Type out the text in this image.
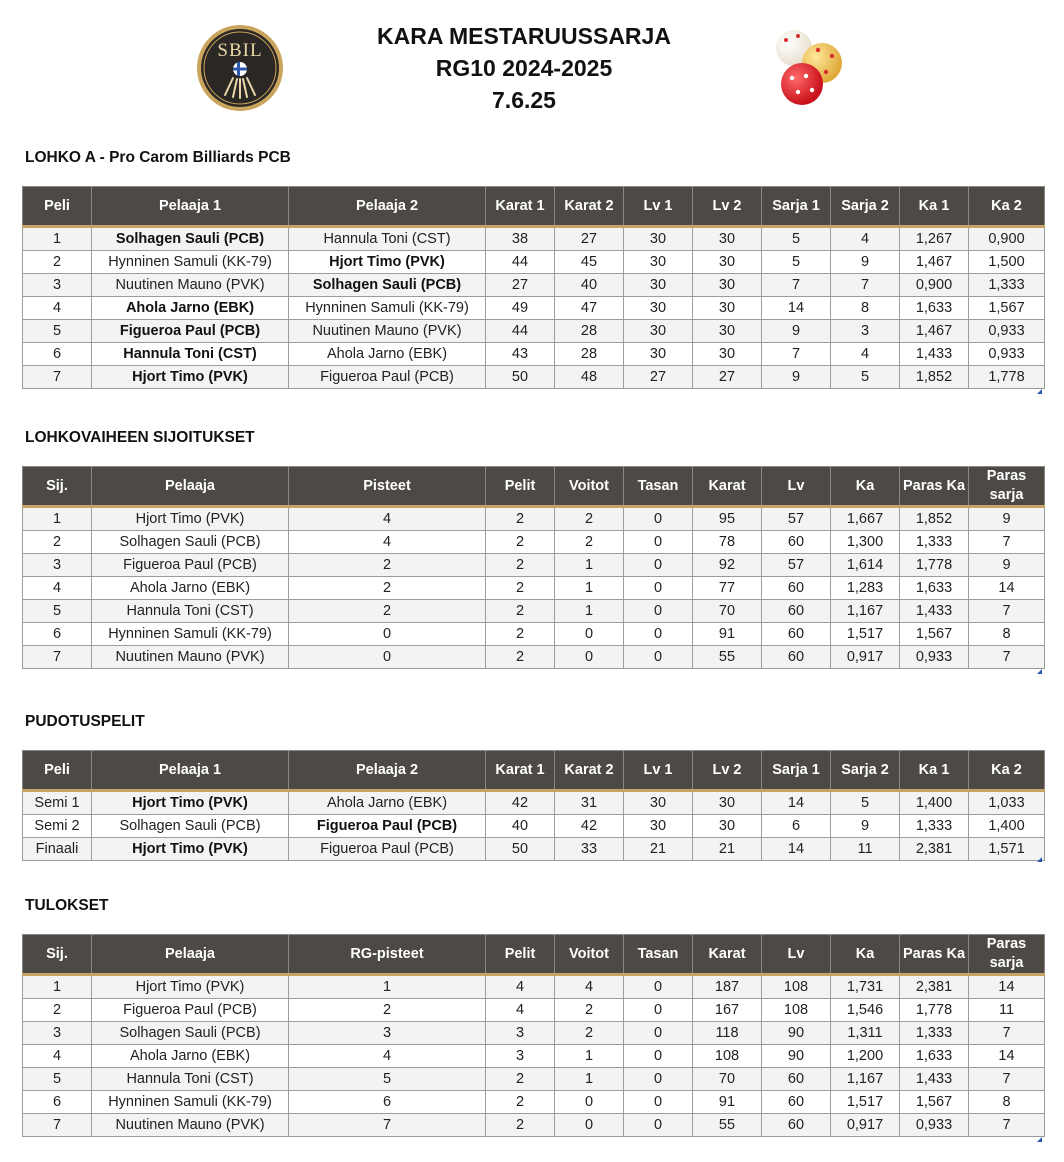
SBIL
KARA MESTARUUSSARJA
RG10 2024-2025
7.6.25
LOHKO A - Pro Carom Billiards PCB
Peli	Pelaaja 1	Pelaaja 2	Karat 1	Karat 2	Lv 1	Lv 2	Sarja 1	Sarja 2	Ka 1	Ka 2
1	Solhagen Sauli (PCB)	Hannula Toni (CST)	38	27	30	30	5	4	1,267	0,900
2	Hynninen Samuli (KK-79)	Hjort Timo (PVK)	44	45	30	30	5	9	1,467	1,500
3	Nuutinen Mauno (PVK)	Solhagen Sauli (PCB)	27	40	30	30	7	7	0,900	1,333
4	Ahola Jarno (EBK)	Hynninen Samuli (KK-79)	49	47	30	30	14	8	1,633	1,567
5	Figueroa Paul (PCB)	Nuutinen Mauno (PVK)	44	28	30	30	9	3	1,467	0,933
6	Hannula Toni (CST)	Ahola Jarno (EBK)	43	28	30	30	7	4	1,433	0,933
7	Hjort Timo (PVK)	Figueroa Paul (PCB)	50	48	27	27	9	5	1,852	1,778
LOHKOVAIHEEN SIJOITUKSET
Sij.	Pelaaja	Pisteet	Pelit	Voitot	Tasan	Karat	Lv	Ka	Paras Ka	Paras sarja
1	Hjort Timo (PVK)	4	2	2	0	95	57	1,667	1,852	9
2	Solhagen Sauli (PCB)	4	2	2	0	78	60	1,300	1,333	7
3	Figueroa Paul (PCB)	2	2	1	0	92	57	1,614	1,778	9
4	Ahola Jarno (EBK)	2	2	1	0	77	60	1,283	1,633	14
5	Hannula Toni (CST)	2	2	1	0	70	60	1,167	1,433	7
6	Hynninen Samuli (KK-79)	0	2	0	0	91	60	1,517	1,567	8
7	Nuutinen Mauno (PVK)	0	2	0	0	55	60	0,917	0,933	7
PUDOTUSPELIT
Peli	Pelaaja 1	Pelaaja 2	Karat 1	Karat 2	Lv 1	Lv 2	Sarja 1	Sarja 2	Ka 1	Ka 2
Semi 1	Hjort Timo (PVK)	Ahola Jarno (EBK)	42	31	30	30	14	5	1,400	1,033
Semi 2	Solhagen Sauli (PCB)	Figueroa Paul (PCB)	40	42	30	30	6	9	1,333	1,400
Finaali	Hjort Timo (PVK)	Figueroa Paul (PCB)	50	33	21	21	14	11	2,381	1,571
TULOKSET
Sij.	Pelaaja	RG-pisteet	Pelit	Voitot	Tasan	Karat	Lv	Ka	Paras Ka	Paras sarja
1	Hjort Timo (PVK)	1	4	4	0	187	108	1,731	2,381	14
2	Figueroa Paul (PCB)	2	4	2	0	167	108	1,546	1,778	11
3	Solhagen Sauli (PCB)	3	3	2	0	118	90	1,311	1,333	7
4	Ahola Jarno (EBK)	4	3	1	0	108	90	1,200	1,633	14
5	Hannula Toni (CST)	5	2	1	0	70	60	1,167	1,433	7
6	Hynninen Samuli (KK-79)	6	2	0	0	91	60	1,517	1,567	8
7	Nuutinen Mauno (PVK)	7	2	0	0	55	60	0,917	0,933	7
